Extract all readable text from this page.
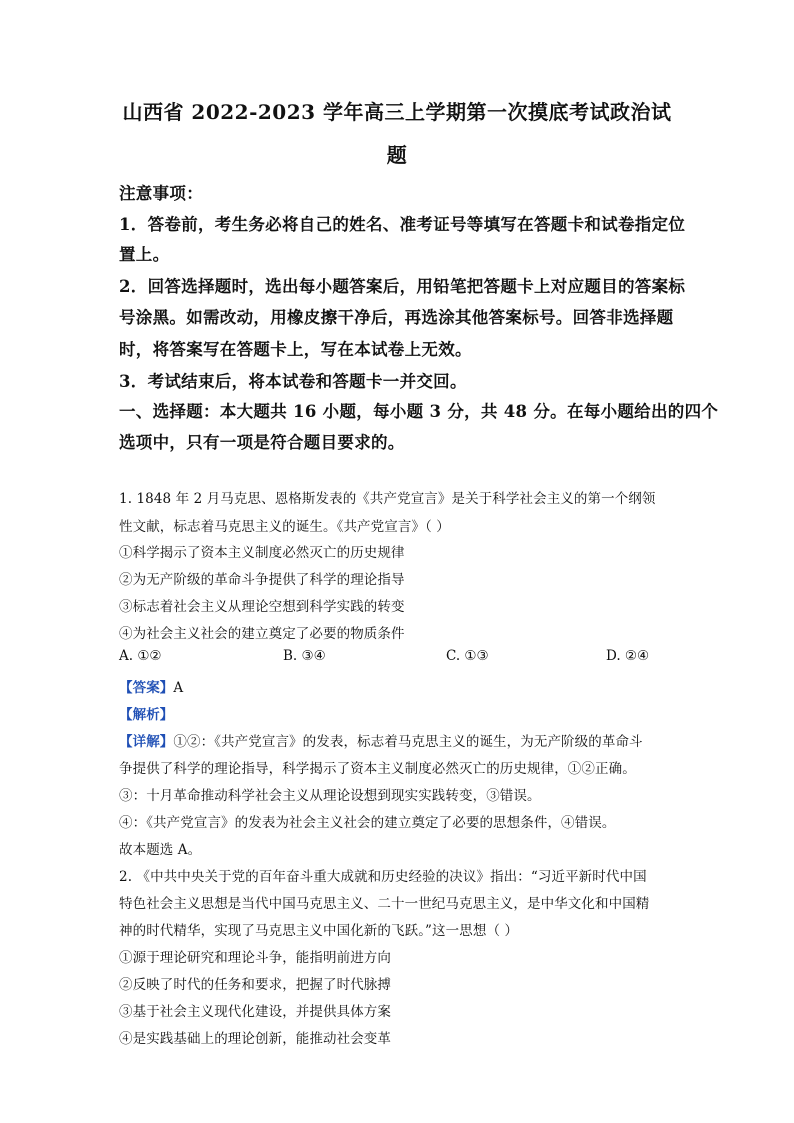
山西省 2022-2023 学年高三上学期第一次摸底考试政治试
题
注意事项：
1．答卷前，考生务必将自己的姓名、准考证号等填写在答题卡和试卷指定位
置上。
2．回答选择题时，选出每小题答案后，用铅笔把答题卡上对应题目的答案标
号涂黑。如需改动，用橡皮擦干净后，再选涂其他答案标号。回答非选择题
时，将答案写在答题卡上，写在本试卷上无效。
3．考试结束后，将本试卷和答题卡一并交回。
一、选择题：本大题共 16 小题，每小题 3 分，共 48 分。在每小题给出的四个
选项中，只有一项是符合题目要求的。
1. 1848 年 2 月马克思、恩格斯发表的《共产党宣言》是关于科学社会主义的第一个纲领
性文献，标志着马克思主义的诞生。《共产党宣言》（ ）
①科学揭示了资本主义制度必然灭亡的历史规律
②为无产阶级的革命斗争提供了科学的理论指导
③标志着社会主义从理论空想到科学实践的转变
④为社会主义社会的建立奠定了必要的物质条件
A. ①②	B. ③④	C. ①③	D. ②④
【答案】A
【解析】
【详解】①②：《共产党宣言》的发表，标志着马克思主义的诞生，为无产阶级的革命斗
争提供了科学的理论指导，科学揭示了资本主义制度必然灭亡的历史规律，①②正确。
③：十月革命推动科学社会主义从理论设想到现实实践转变，③错误。
④：《共产党宣言》的发表为社会主义社会的建立奠定了必要的思想条件，④错误。
故本题选 A。
2. 《中共中央关于党的百年奋斗重大成就和历史经验的决议》指出：“习近平新时代中国
特色社会主义思想是当代中国马克思主义、二十一世纪马克思主义，是中华文化和中国精
神的时代精华，实现了马克思主义中国化新的飞跃。”这一思想（ ）
①源于理论研究和理论斗争，能指明前进方向
②反映了时代的任务和要求，把握了时代脉搏
③基于社会主义现代化建设，并提供具体方案
④是实践基础上的理论创新，能推动社会变革
